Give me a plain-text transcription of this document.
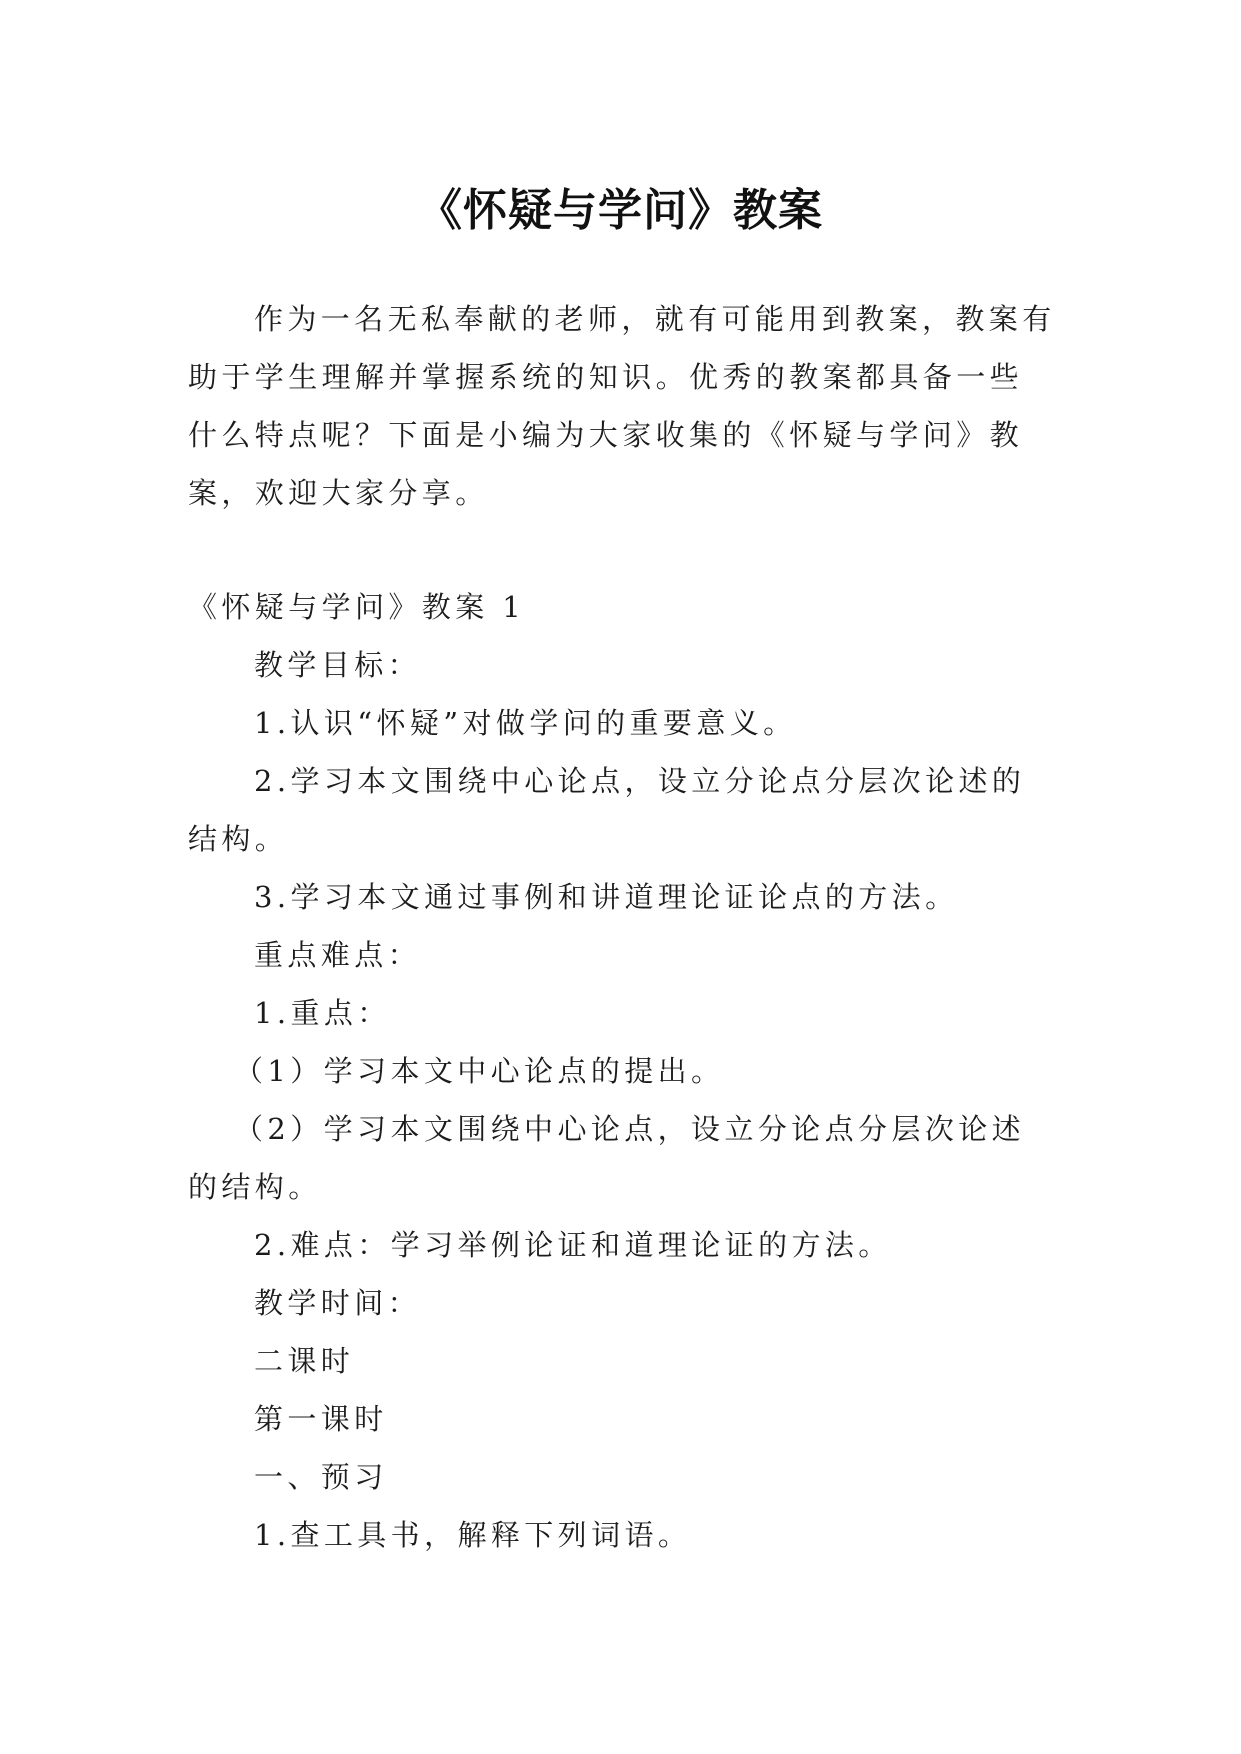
《怀疑与学问》教案

作为一名无私奉献的老师，就有可能用到教案，教案有助于学生理解并掌握系统的知识。优秀的教案都具备一些什么特点呢？下面是小编为大家收集的《怀疑与学问》教案，欢迎大家分享。

《怀疑与学问》教案 1
教学目标：
1.认识“怀疑”对做学问的重要意义。
2.学习本文围绕中心论点，设立分论点分层次论述的结构。
3.学习本文通过事例和讲道理论证论点的方法。
重点难点：
1.重点：
（1）学习本文中心论点的提出。
（2）学习本文围绕中心论点，设立分论点分层次论述的结构。
2.难点：学习举例论证和道理论证的方法。
教学时间：
二课时
第一课时
一、预习
1.查工具书，解释下列词语。
